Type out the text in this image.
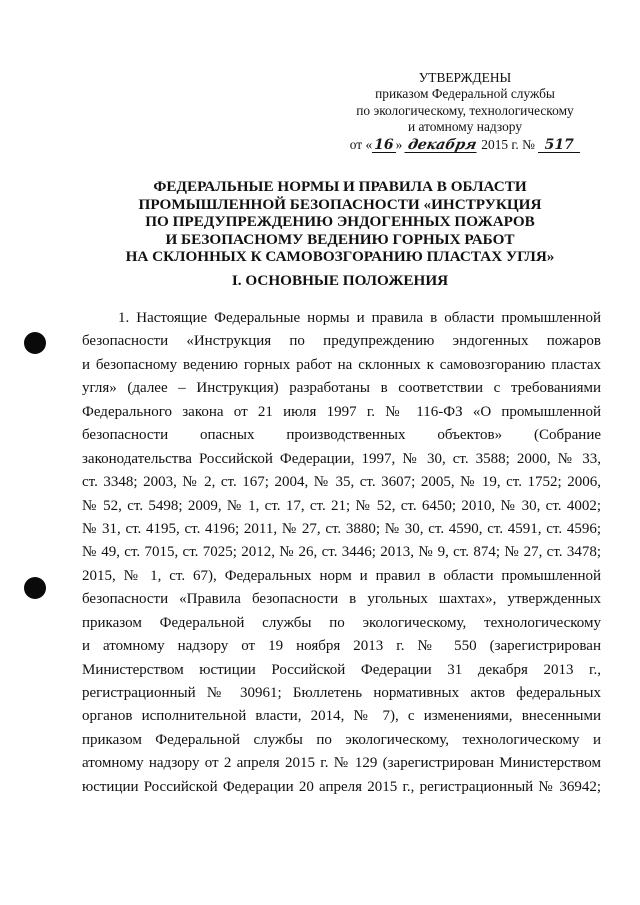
УТВЕРЖДЕНЫ
приказом Федеральной службы
по экологическому, технологическому
и атомному надзору
от « 16 » декабря 2015 г. № 517
ФЕДЕРАЛЬНЫЕ НОРМЫ И ПРАВИЛА В ОБЛАСТИ
ПРОМЫШЛЕННОЙ БЕЗОПАСНОСТИ «ИНСТРУКЦИЯ
ПО ПРЕДУПРЕЖДЕНИЮ ЭНДОГЕННЫХ ПОЖАРОВ
И БЕЗОПАСНОМУ ВЕДЕНИЮ ГОРНЫХ РАБОТ
НА СКЛОННЫХ К САМОВОЗГОРАНИЮ ПЛАСТАХ УГЛЯ»
I. ОСНОВНЫЕ ПОЛОЖЕНИЯ
1. Настоящие Федеральные нормы и правила в области промышленной
безопасности «Инструкция по предупреждению эндогенных пожаров
и безопасному ведению горных работ на склонных к самовозгоранию пластах
угля» (далее – Инструкция) разработаны в соответствии с требованиями
Федерального закона от 21 июля 1997 г. № 116-ФЗ «О промышленной
безопасности опасных производственных объектов» (Собрание
законодательства Российской Федерации, 1997, № 30, ст. 3588; 2000, № 33,
ст. 3348; 2003, № 2, ст. 167; 2004, № 35, ст. 3607; 2005, № 19, ст. 1752; 2006,
№ 52, ст. 5498; 2009, № 1, ст. 17, ст. 21; № 52, ст. 6450; 2010, № 30, ст. 4002;
№ 31, ст. 4195, ст. 4196; 2011, № 27, ст. 3880; № 30, ст. 4590, ст. 4591, ст. 4596;
№ 49, ст. 7015, ст. 7025; 2012, № 26, ст. 3446; 2013, № 9, ст. 874; № 27, ст. 3478;
2015, № 1, ст. 67), Федеральных норм и правил в области промышленной
безопасности «Правила безопасности в угольных шахтах», утвержденных
приказом Федеральной службы по экологическому, технологическому
и атомному надзору от 19 ноября 2013 г. № 550 (зарегистрирован
Министерством юстиции Российской Федерации 31 декабря 2013 г.,
регистрационный № 30961; Бюллетень нормативных актов федеральных
органов исполнительной власти, 2014, № 7), с изменениями, внесенными
приказом Федеральной службы по экологическому, технологическому и
атомному надзору от 2 апреля 2015 г. № 129 (зарегистрирован Министерством
юстиции Российской Федерации 20 апреля 2015 г., регистрационный № 36942;
